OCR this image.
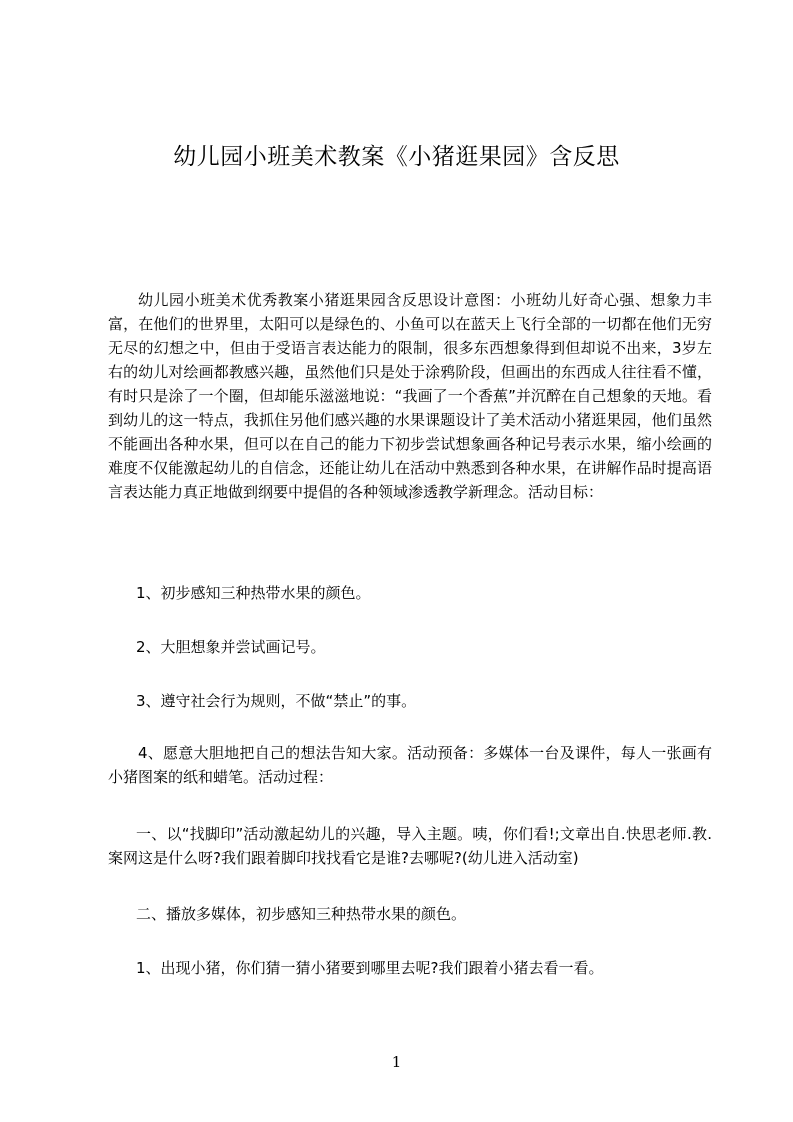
幼儿园小班美术教案《小猪逛果园》含反思
幼儿园小班美术优秀教案小猪逛果园含反思设计意图：小班幼儿好奇心强、想象力丰富，在他们的世界里，太阳可以是绿色的、小鱼可以在蓝天上飞行全部的一切都在他们无穷无尽的幻想之中，但由于受语言表达能力的限制，很多东西想象得到但却说不出来，3岁左右的幼儿对绘画都教感兴趣，虽然他们只是处于涂鸦阶段，但画出的东西成人往往看不懂，有时只是涂了一个圈，但却能乐滋滋地说：“我画了一个香蕉”并沉醉在自己想象的天地。看到幼儿的这一特点，我抓住另他们感兴趣的水果课题设计了美术活动小猪逛果园，他们虽然不能画出各种水果，但可以在自己的能力下初步尝试想象画各种记号表示水果，缩小绘画的难度不仅能激起幼儿的自信念，还能让幼儿在活动中熟悉到各种水果，在讲解作品时提高语言表达能力真正地做到纲要中提倡的各种领域渗透教学新理念。活动目标：
1、初步感知三种热带水果的颜色。
2、大胆想象并尝试画记号。
3、遵守社会行为规则，不做“禁止”的事。
4、愿意大胆地把自己的想法告知大家。活动预备：多媒体一台及课件，每人一张画有小猪图案的纸和蜡笔。活动过程：
一、以“找脚印”活动激起幼儿的兴趣，导入主题。咦，你们看!;文章出自.快思老师.教.案网这是什么呀?我们跟着脚印找找看它是谁?去哪呢?(幼儿进入活动室)
二、播放多媒体，初步感知三种热带水果的颜色。
1、出现小猪，你们猜一猜小猪要到哪里去呢?我们跟着小猪去看一看。
1
